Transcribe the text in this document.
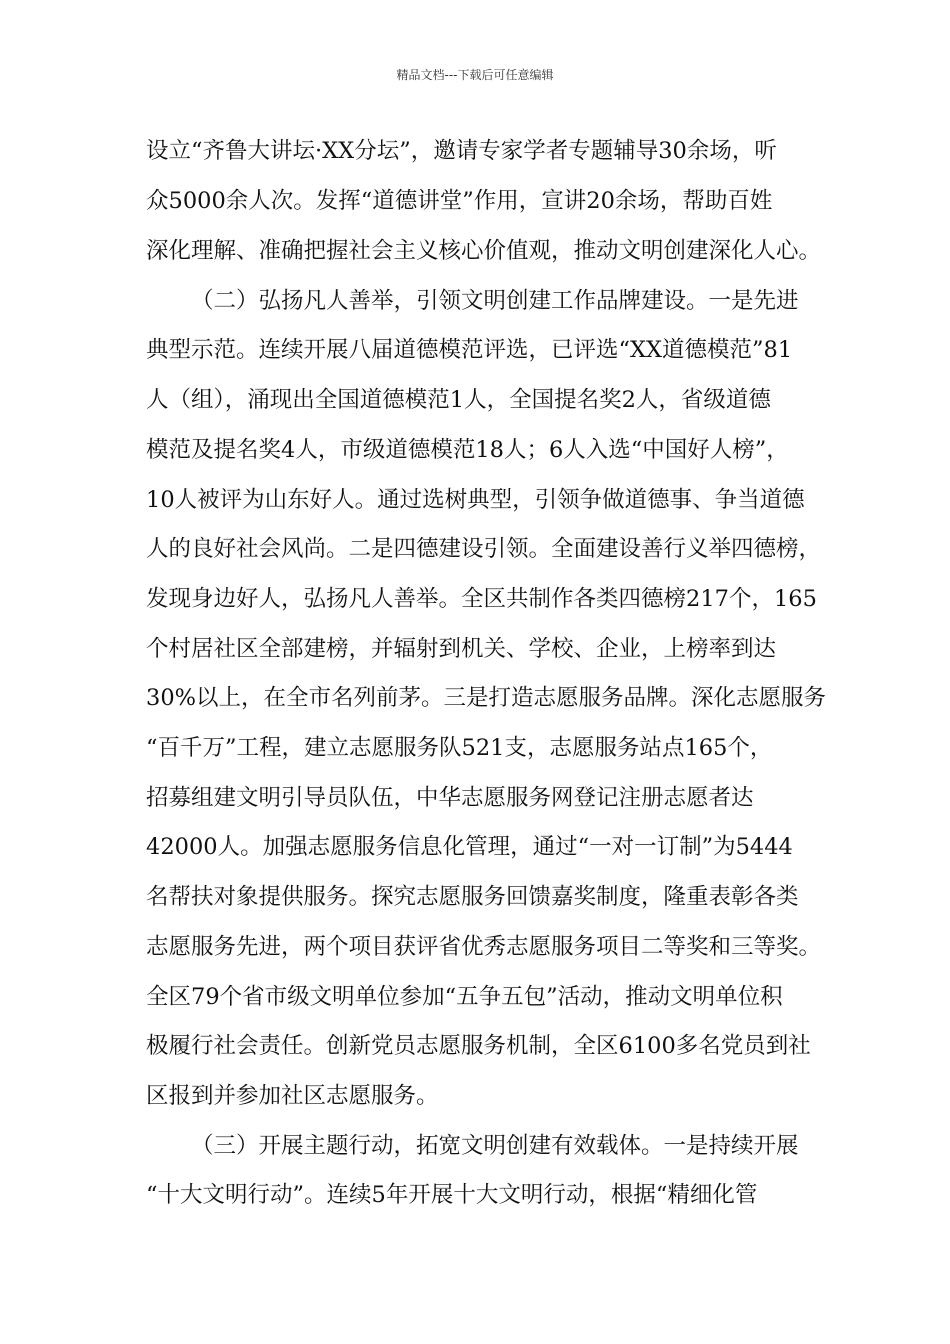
精品文档---下载后可任意编辑
设立“齐鲁大讲坛·XX分坛”，邀请专家学者专题辅导30余场，听
众5000余人次。发挥“道德讲堂”作用，宣讲20余场，帮助百姓
深化理解、准确把握社会主义核心价值观，推动文明创建深化人心。
（二）弘扬凡人善举，引领文明创建工作品牌建设。一是先进
典型示范。连续开展八届道德模范评选，已评选“XX道德模范”81
人（组），涌现出全国道德模范1人，全国提名奖2人，省级道德
模范及提名奖4人，市级道德模范18人；6人入选“中国好人榜”，
10人被评为山东好人。通过选树典型，引领争做道德事、争当道德
人的良好社会风尚。二是四德建设引领。全面建设善行义举四德榜，
发现身边好人，弘扬凡人善举。全区共制作各类四德榜217个，165
个村居社区全部建榜，并辐射到机关、学校、企业，上榜率到达
30%以上，在全市名列前茅。三是打造志愿服务品牌。深化志愿服务
“百千万”工程，建立志愿服务队521支，志愿服务站点165个，
招募组建文明引导员队伍，中华志愿服务网登记注册志愿者达
42000人。加强志愿服务信息化管理，通过“一对一订制”为5444
名帮扶对象提供服务。探究志愿服务回馈嘉奖制度，隆重表彰各类
志愿服务先进，两个项目获评省优秀志愿服务项目二等奖和三等奖。
全区79个省市级文明单位参加“五争五包”活动，推动文明单位积
极履行社会责任。创新党员志愿服务机制，全区6100多名党员到社
区报到并参加社区志愿服务。
（三）开展主题行动，拓宽文明创建有效载体。一是持续开展
“十大文明行动”。连续5年开展十大文明行动，根据“精细化管
